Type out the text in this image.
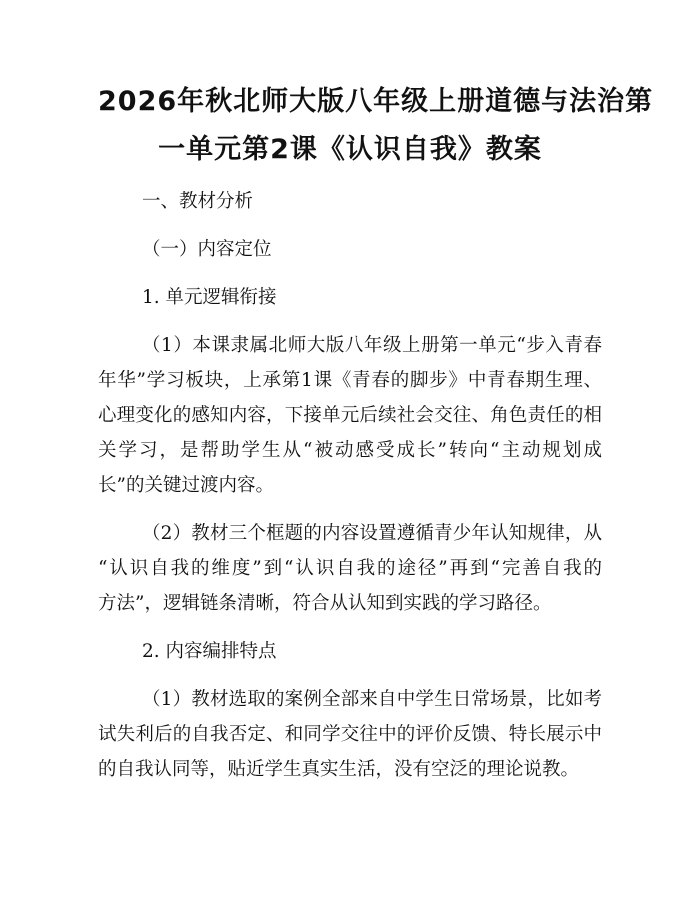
2026年秋北师大版八年级上册道德与法治第
一单元第2课《认识自我》教案
一、教材分析
（一）内容定位
1. 单元逻辑衔接
（1）本课隶属北师大版八年级上册第一单元“步入青春
年华”学习板块，上承第1课《青春的脚步》中青春期生理、
心理变化的感知内容，下接单元后续社会交往、角色责任的相
关学习，是帮助学生从“被动感受成长”转向“主动规划成
长”的关键过渡内容。
（2）教材三个框题的内容设置遵循青少年认知规律，从
“认识自我的维度”到“认识自我的途径”再到“完善自我的
方法”，逻辑链条清晰，符合从认知到实践的学习路径。
2. 内容编排特点
（1）教材选取的案例全部来自中学生日常场景，比如考
试失利后的自我否定、和同学交往中的评价反馈、特长展示中
的自我认同等，贴近学生真实生活，没有空泛的理论说教。
